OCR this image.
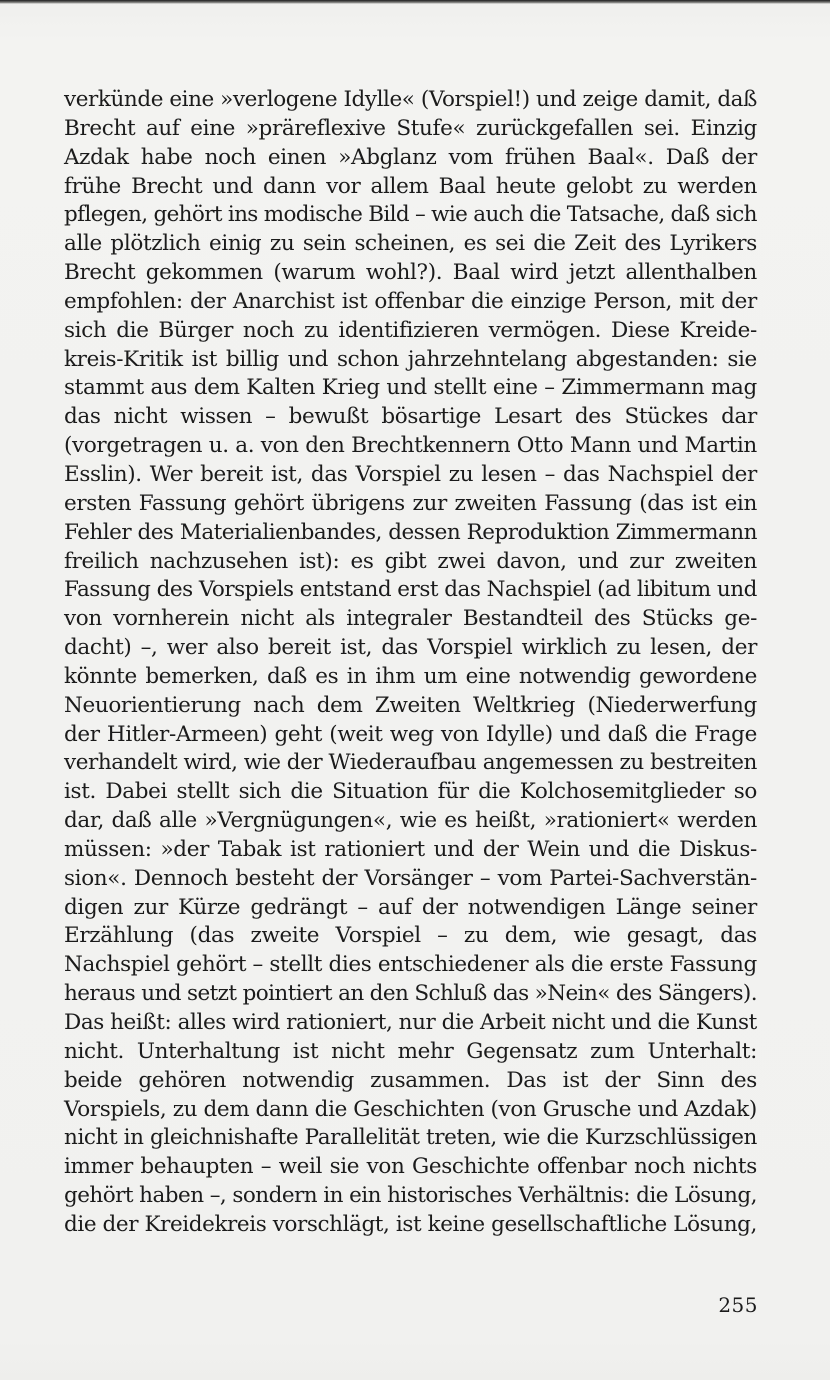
verkünde eine »verlogene Idylle« (Vorspiel!) und zeige damit, daß
Brecht auf eine »präreflexive Stufe« zurückgefallen sei. Einzig
Azdak habe noch einen »Abglanz vom frühen Baal«. Daß der
frühe Brecht und dann vor allem Baal heute gelobt zu werden
pflegen, gehört ins modische Bild – wie auch die Tatsache, daß sich
alle plötzlich einig zu sein scheinen, es sei die Zeit des Lyrikers
Brecht gekommen (warum wohl?). Baal wird jetzt allenthalben
empfohlen: der Anarchist ist offenbar die einzige Person, mit der
sich die Bürger noch zu identifizieren vermögen. Diese Kreide-
kreis-Kritik ist billig und schon jahrzehntelang abgestanden: sie
stammt aus dem Kalten Krieg und stellt eine – Zimmermann mag
das nicht wissen – bewußt bösartige Lesart des Stückes dar
(vorgetragen u. a. von den Brechtkennern Otto Mann und Martin
Esslin). Wer bereit ist, das Vorspiel zu lesen – das Nachspiel der
ersten Fassung gehört übrigens zur zweiten Fassung (das ist ein
Fehler des Materialienbandes, dessen Reproduktion Zimmermann
freilich nachzusehen ist): es gibt zwei davon, und zur zweiten
Fassung des Vorspiels entstand erst das Nachspiel (ad libitum und
von vornherein nicht als integraler Bestandteil des Stücks ge-
dacht) –, wer also bereit ist, das Vorspiel wirklich zu lesen, der
könnte bemerken, daß es in ihm um eine notwendig gewordene
Neuorientierung nach dem Zweiten Weltkrieg (Niederwerfung
der Hitler-Armeen) geht (weit weg von Idylle) und daß die Frage
verhandelt wird, wie der Wiederaufbau angemessen zu bestreiten
ist. Dabei stellt sich die Situation für die Kolchosemitglieder so
dar, daß alle »Vergnügungen«, wie es heißt, »rationiert« werden
müssen: »der Tabak ist rationiert und der Wein und die Diskus-
sion«. Dennoch besteht der Vorsänger – vom Partei-Sachverstän-
digen zur Kürze gedrängt – auf der notwendigen Länge seiner
Erzählung (das zweite Vorspiel – zu dem, wie gesagt, das
Nachspiel gehört – stellt dies entschiedener als die erste Fassung
heraus und setzt pointiert an den Schluß das »Nein« des Sängers).
Das heißt: alles wird rationiert, nur die Arbeit nicht und die Kunst
nicht. Unterhaltung ist nicht mehr Gegensatz zum Unterhalt:
beide gehören notwendig zusammen. Das ist der Sinn des
Vorspiels, zu dem dann die Geschichten (von Grusche und Azdak)
nicht in gleichnishafte Parallelität treten, wie die Kurzschlüssigen
immer behaupten – weil sie von Geschichte offenbar noch nichts
gehört haben –, sondern in ein historisches Verhältnis: die Lösung,
die der Kreidekreis vorschlägt, ist keine gesellschaftliche Lösung,
255
